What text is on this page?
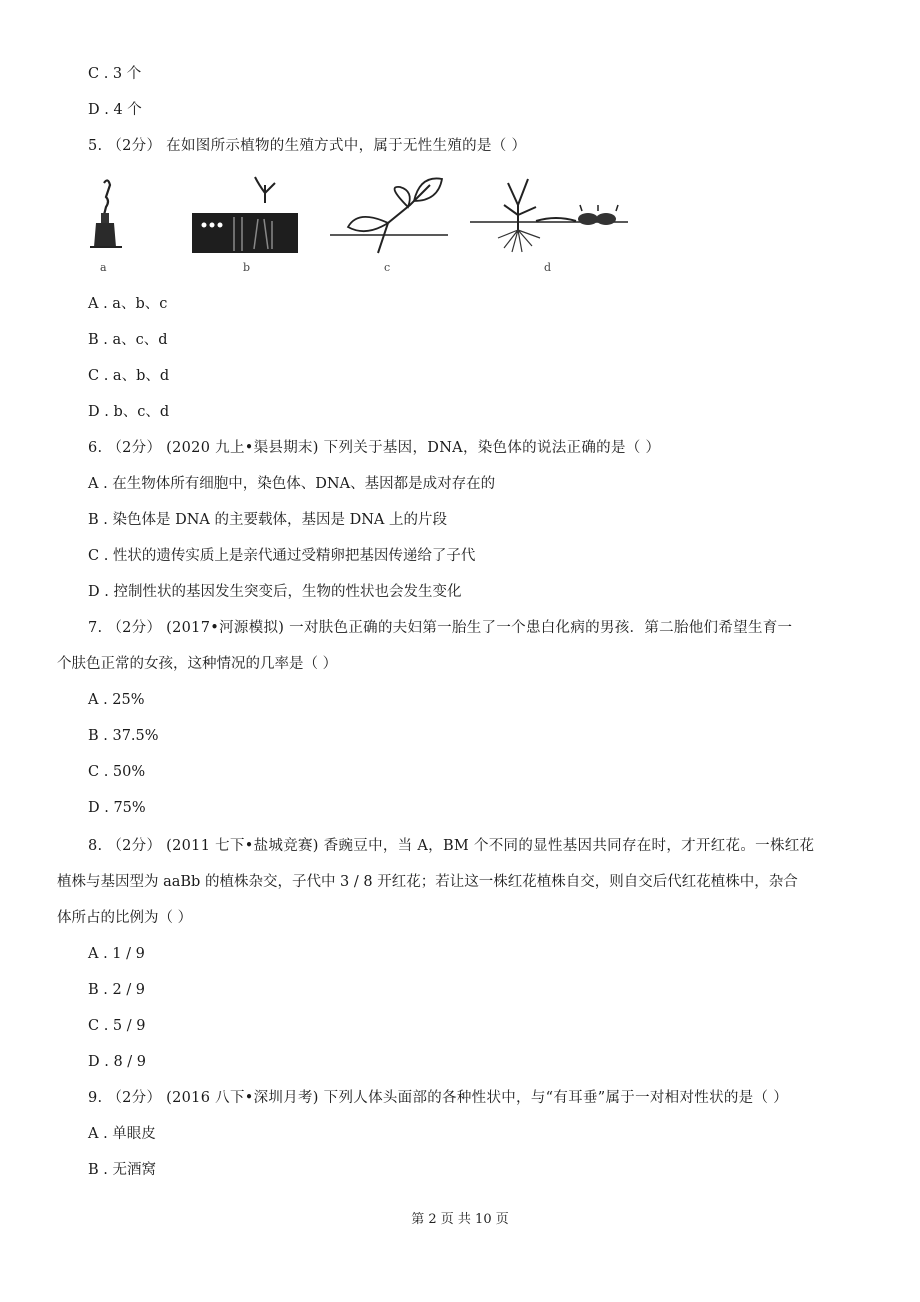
C . 3 个
D . 4 个
5. （2分） 在如图所示植物的生殖方式中，属于无性生殖的是（ ）
a	b	c	d
A . a、b、c
B . a、c、d
C . a、b、d
D . b、c、d
6. （2分） (2020 九上•渠县期末) 下列关于基因，DNA，染色体的说法正确的是（ ）
A . 在生物体所有细胞中，染色体、DNA、基因都是成对存在的
B . 染色体是 DNA 的主要载体，基因是 DNA 上的片段
C . 性状的遗传实质上是亲代通过受精卵把基因传递给了子代
D . 控制性状的基因发生突变后，生物的性状也会发生变化
7. （2分） (2017•河源模拟) 一对肤色正确的夫妇第一胎生了一个患白化病的男孩．第二胎他们希望生育一
个肤色正常的女孩，这种情况的几率是（ ）
A . 25%
B . 37.5%
C . 50%
D . 75%
8. （2分） (2011 七下•盐城竞赛) 香豌豆中，当 A，BM 个不同的显性基因共同存在时，才开红花。一株红花
植株与基因型为 aaBb 的植株杂交，子代中 3 / 8 开红花；若让这一株红花植株自交，则自交后代红花植株中，杂合
体所占的比例为（ ）
A . 1 / 9
B . 2 / 9
C . 5 / 9
D . 8 / 9
9. （2分） (2016 八下•深圳月考) 下列人体头面部的各种性状中，与“有耳垂”属于一对相对性状的是（ ）
A . 单眼皮
B . 无酒窝
第 2 页 共 10 页
